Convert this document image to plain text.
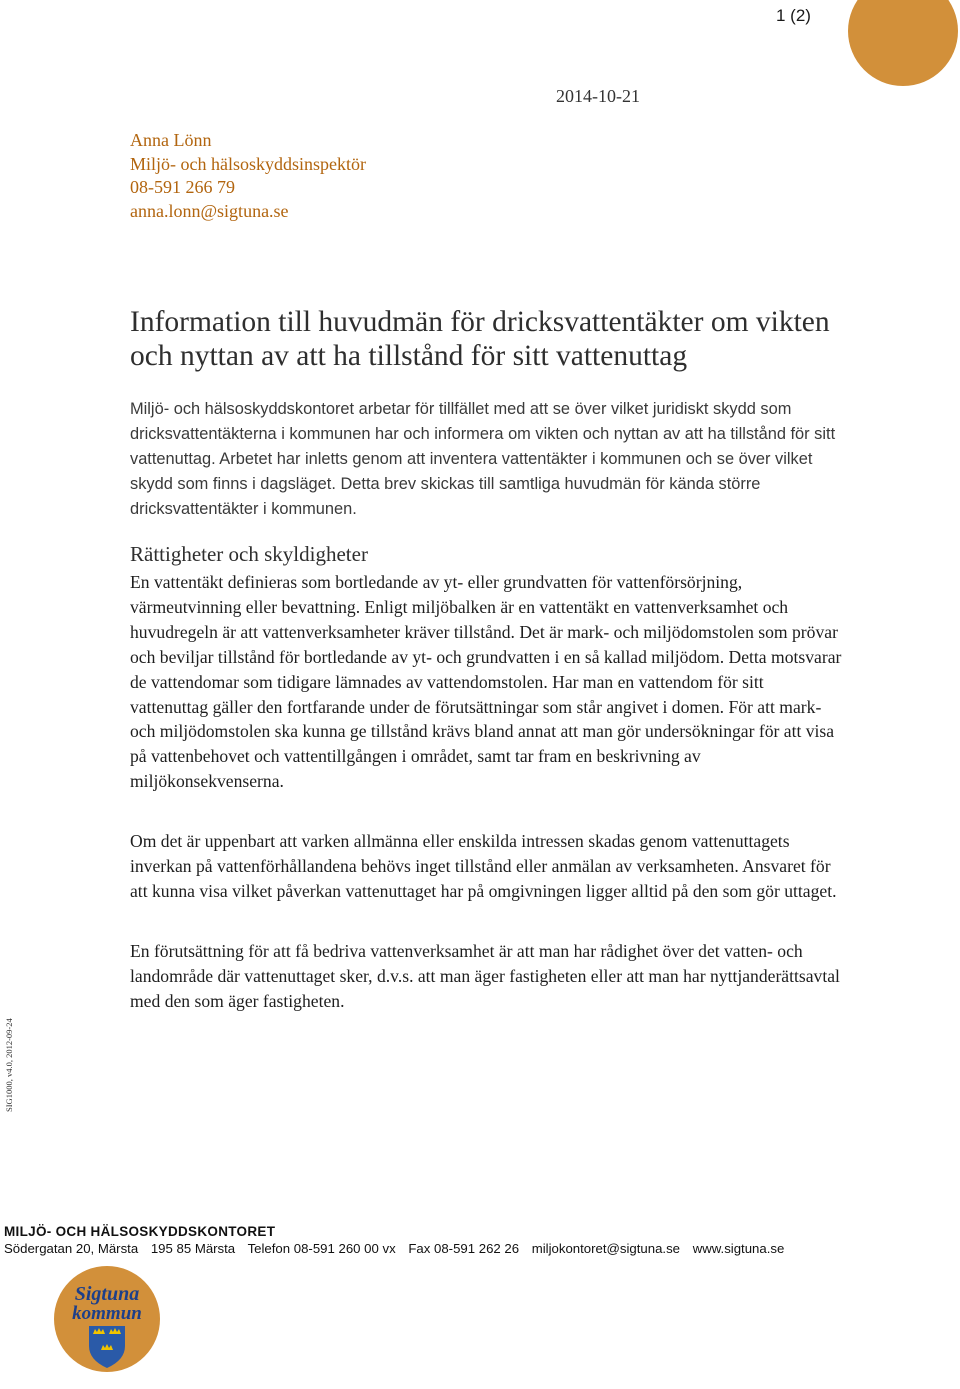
1 (2)
2014-10-21
Anna Lönn
Miljö- och hälsoskyddsinspektör
08-591 266 79
anna.lonn@sigtuna.se
Information till huvudmän för dricksvattentäkter om vikten och nyttan av att ha tillstånd för sitt vattenuttag

Miljö- och hälsoskyddskontoret arbetar för tillfället med att se över vilket juridiskt skydd som dricksvattentäkterna i kommunen har och informera om vikten och nyttan av att ha tillstånd för sitt vattenuttag. Arbetet har inletts genom att inventera vattentäkter i kommunen och se över vilket skydd som finns i dagsläget. Detta brev skickas till samtliga huvudmän för kända större dricksvattentäkter i kommunen.

Rättigheter och skyldigheter

En vattentäkt definieras som bortledande av yt- eller grundvatten för vattenförsörjning, värmeutvinning eller bevattning. Enligt miljöbalken är en vattentäkt en vattenverksamhet och huvudregeln är att vattenverksamheter kräver tillstånd. Det är mark- och miljödomstolen som prövar och beviljar tillstånd för bortledande av yt- och grundvatten i en så kallad miljödom. Detta motsvarar de vattendomar som tidigare lämnades av vattendomstolen. Har man en vattendom för sitt vattenuttag gäller den fortfarande under de förutsättningar som står angivet i domen. För att mark- och miljödomstolen ska kunna ge tillstånd krävs bland annat att man gör undersökningar för att visa på vattenbehovet och vattentillgången i området, samt tar fram en beskrivning av miljökonsekvenserna.

Om det är uppenbart att varken allmänna eller enskilda intressen skadas genom vattenuttagets inverkan på vattenförhållandena behövs inget tillstånd eller anmälan av verksamheten. Ansvaret för att kunna visa vilket påverkan vattenuttaget har på omgivningen ligger alltid på den som gör uttaget.

En förutsättning för att få bedriva vattenverksamhet är att man har rådighet över det vatten- och landområde där vattenuttaget sker, d.v.s. att man äger fastigheten eller att man har nyttjanderättsavtal med den som äger fastigheten.

SIG1000, v4.0, 2012-09-24
MILJÖ- OCH HÄLSOSKYDDSKONTORET
Södergatan 20, Märsta 195 85 Märsta Telefon 08-591 260 00 vx Fax 08-591 262 26 miljokontoret@sigtuna.se www.sigtuna.se
Sigtuna
kommun
